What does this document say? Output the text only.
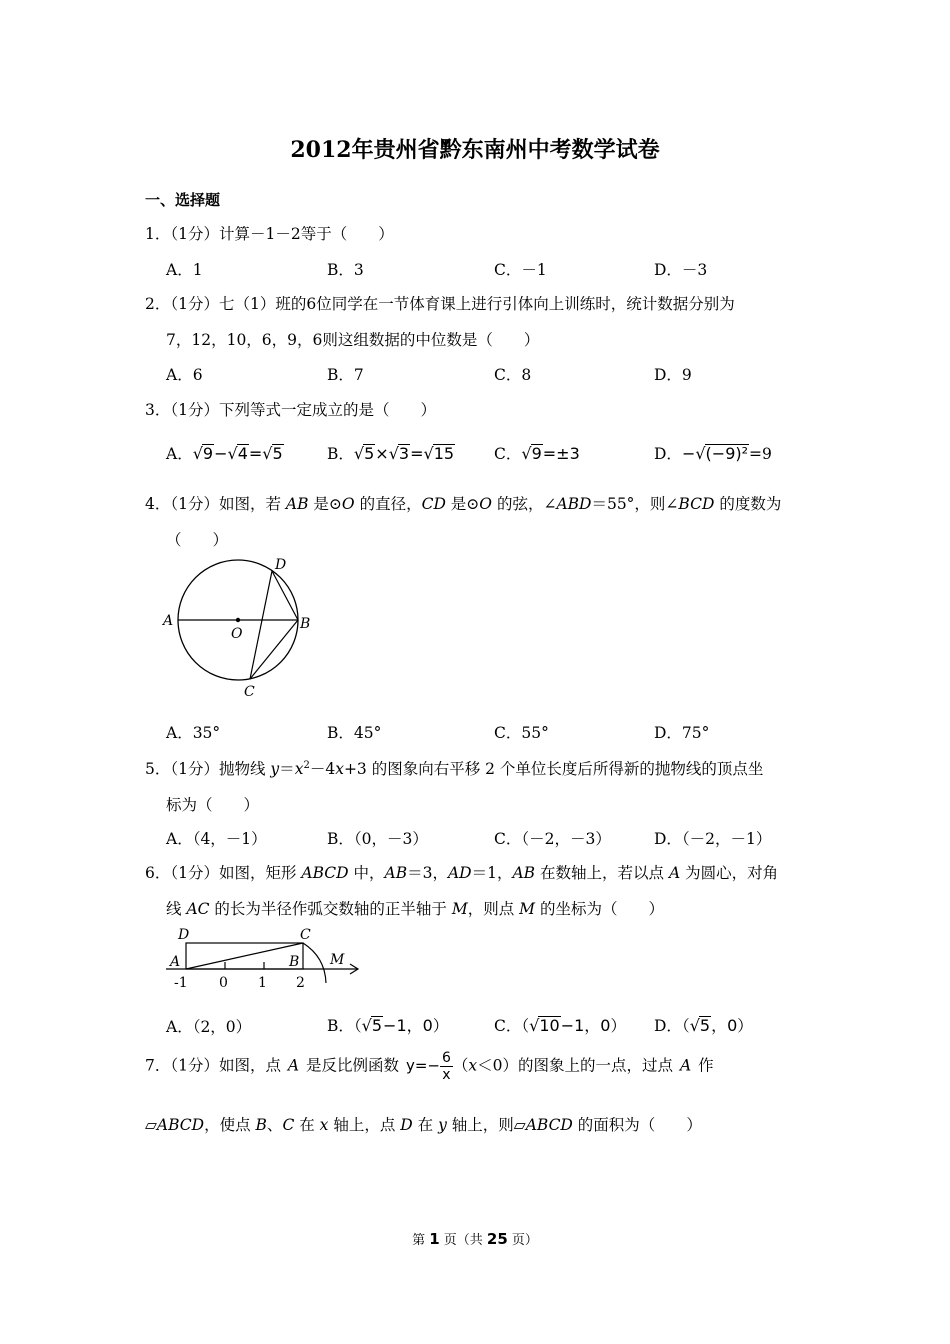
2012年贵州省黔东南州中考数学试卷
一、选择题
1．（1分）计算－1－2等于（　　）
A．1	B．3	C．－1	D．－3
2．（1分）七（1）班的6位同学在一节体育课上进行引体向上训练时，统计数据分别为
7，12，10，6，9，6则这组数据的中位数是（　　）
A．6	B．7	C．8	D．9
3．（1分）下列等式一定成立的是（　　）
A．√9−√4=√5	B．√5×√3=√15	C．√9=±3	D．−√(−9)²=9
4．（1分）如图，若 AB 是⊙O 的直径，CD 是⊙O 的弦，∠ABD＝55°，则∠BCD 的度数为
（　　）
A	B
C
D
O
A．35°	B．45°	C．55°	D．75°
5．（1分）抛物线 $y=x^2-4x+3$ 的图象向右平移 2 个单位长度后所得新的抛物线的顶点坐
标为（　　）
A．（4，－1）	B．（0，－3）	C．（－2，－3）	D．（－2，－1）
6．（1分）如图，矩形 ABCD 中，AB＝3，AD＝1，AB 在数轴上，若以点 A 为圆心，对角
线 AC 的长为半径作弧交数轴的正半轴于 M，则点 M 的坐标为（　　）
D	C
A	B M
-1 0 1 2
A．（2，0）	B．（√5−1，0）	C．（√10−1，0） D．（√5，0）
7．（1分）如图，点 A 是反比例函数 $y=- \frac{6}{x} (x<0)$的图象上的一点，过点 A 作
▱ABCD，使点 B、C 在 x 轴上，点 D 在 y 轴上，则▱ABCD 的面积为（　　）
第 1 页（共 25 页）
